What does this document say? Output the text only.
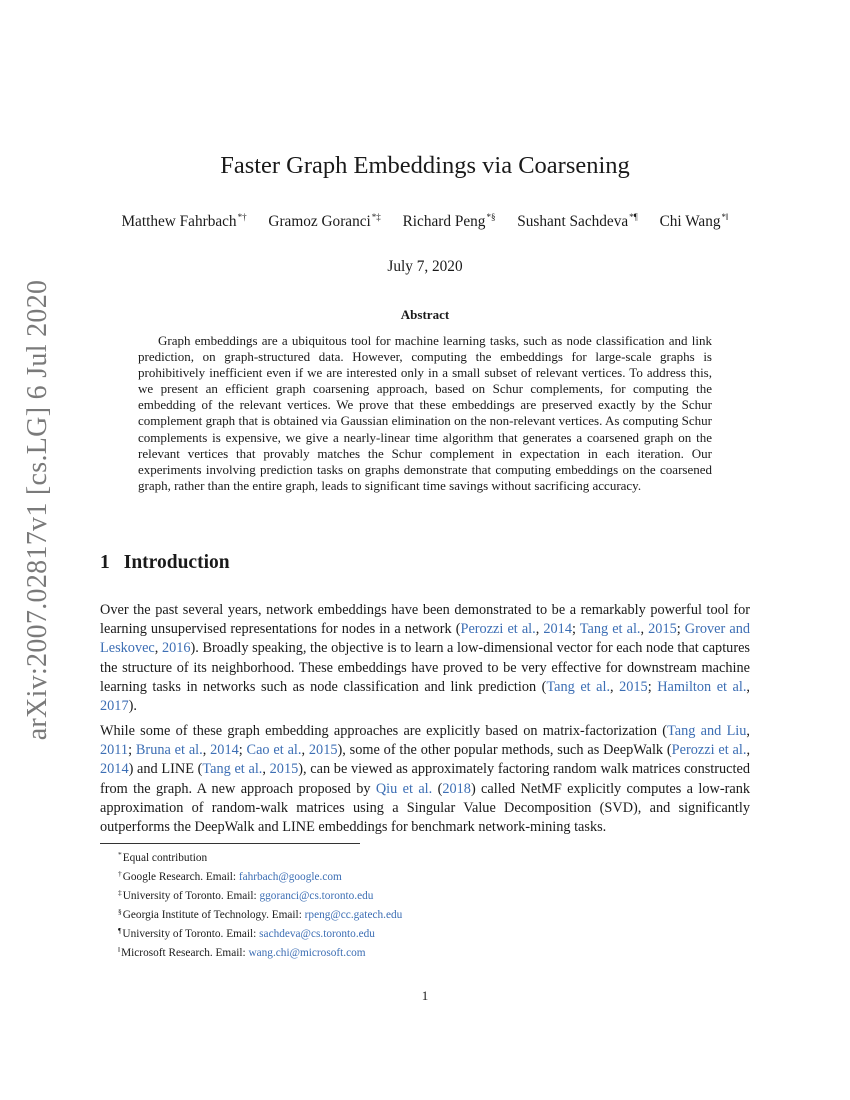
arXiv:2007.02817v1 [cs.LG] 6 Jul 2020
Faster Graph Embeddings via Coarsening
Matthew Fahrbach*† Gramoz Goranci*‡ Richard Peng*§ Sushant Sachdeva*¶ Chi Wang*‖
July 7, 2020
Abstract

Graph embeddings are a ubiquitous tool for machine learning tasks, such as node classification and link prediction, on graph-structured data. However, computing the embeddings for large-scale graphs is prohibitively inefficient even if we are interested only in a small subset of relevant vertices. To address this, we present an efficient graph coarsening approach, based on Schur complements, for computing the embedding of the relevant vertices. We prove that these embeddings are preserved exactly by the Schur complement graph that is obtained via Gaussian elimination on the non-relevant vertices. As computing Schur complements is expensive, we give a nearly-linear time algorithm that generates a coarsened graph on the relevant vertices that provably matches the Schur complement in expectation in each iteration. Our experiments involving prediction tasks on graphs demonstrate that computing embeddings on the coarsened graph, rather than the entire graph, leads to significant time savings without sacrificing accuracy.

1 Introduction

Over the past several years, network embeddings have been demonstrated to be a remarkably powerful tool for learning unsupervised representations for nodes in a network (Perozzi et al., 2014; Tang et al., 2015; Grover and Leskovec, 2016). Broadly speaking, the objective is to learn a low-dimensional vector for each node that captures the structure of its neighborhood. These embeddings have proved to be very effective for downstream machine learning tasks in networks such as node classification and link prediction (Tang et al., 2015; Hamilton et al., 2017).

While some of these graph embedding approaches are explicitly based on matrix-factorization (Tang and Liu, 2011; Bruna et al., 2014; Cao et al., 2015), some of the other popular methods, such as DeepWalk (Perozzi et al., 2014) and LINE (Tang et al., 2015), can be viewed as approximately factoring random walk matrices constructed from the graph. A new approach proposed by Qiu et al. (2018) called NetMF explicitly computes a low-rank approximation of random-walk matrices using a Singular Value Decomposition (SVD), and significantly outperforms the DeepWalk and LINE embeddings for benchmark network-mining tasks.

*Equal contribution
†Google Research. Email: fahrbach@google.com
‡University of Toronto. Email: ggoranci@cs.toronto.edu
§Georgia Institute of Technology. Email: rpeng@cc.gatech.edu
¶University of Toronto. Email: sachdeva@cs.toronto.edu
‖Microsoft Research. Email: wang.chi@microsoft.com
1
